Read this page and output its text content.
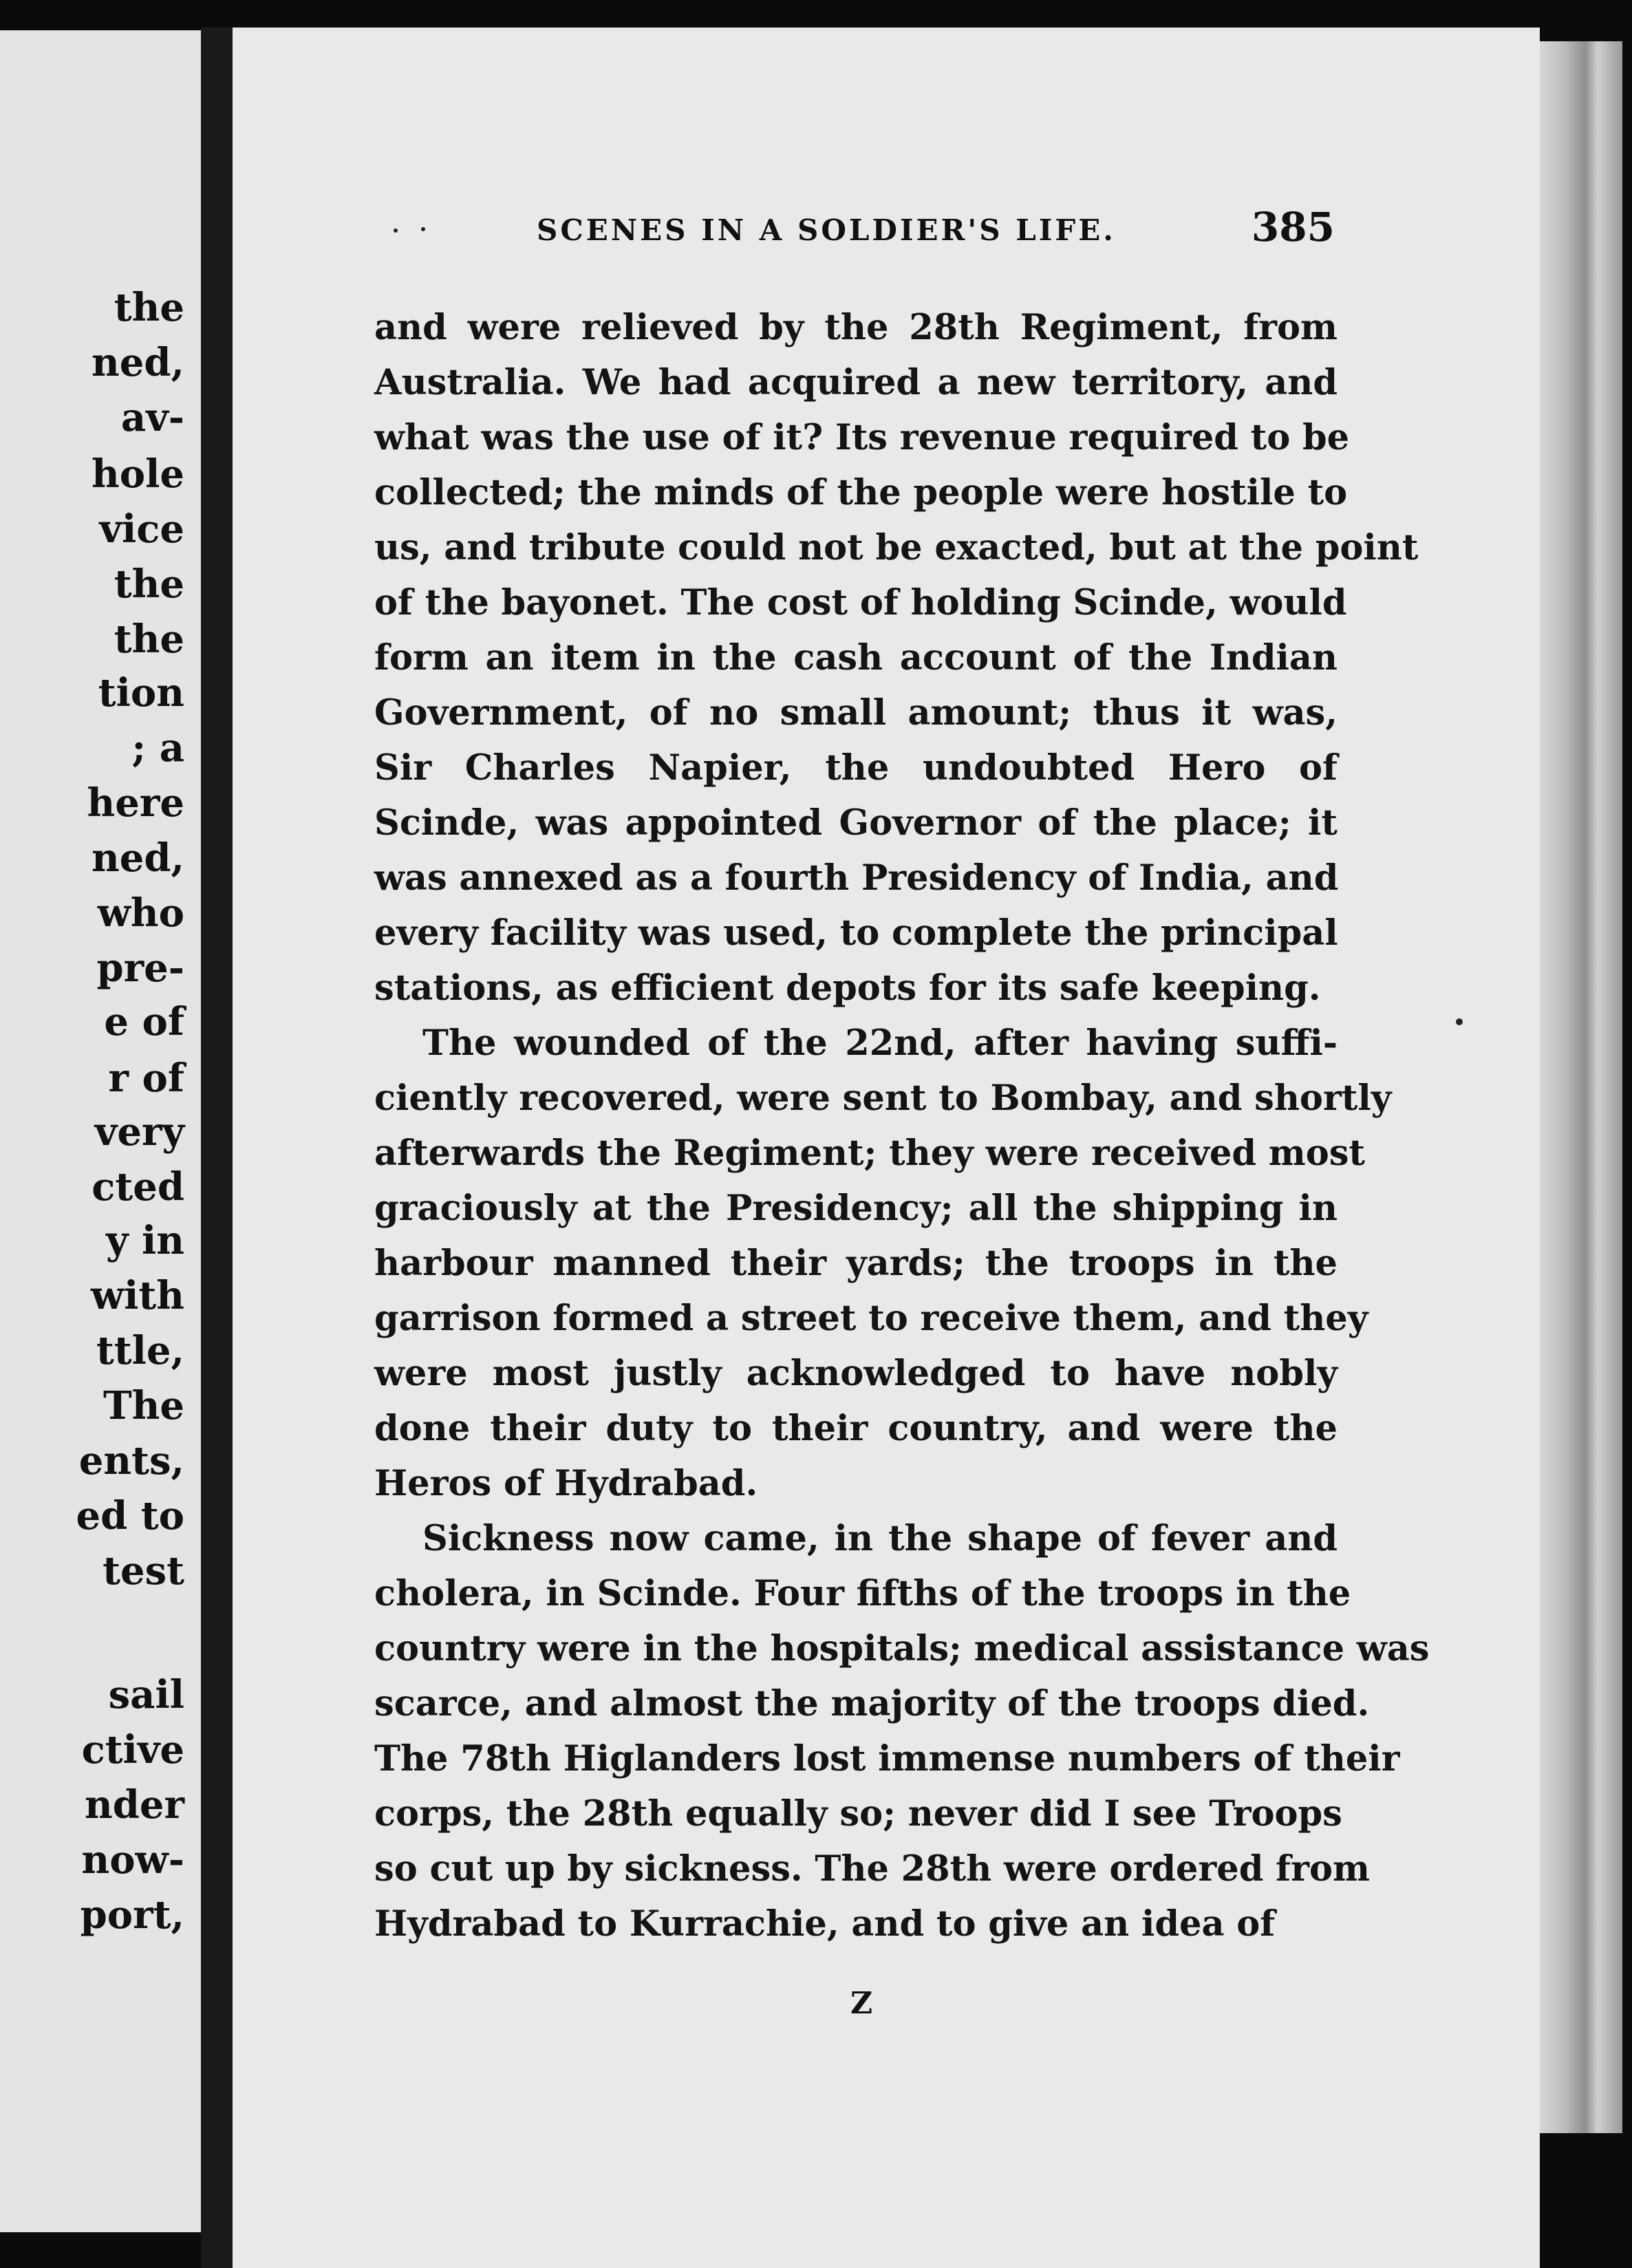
the
ned,
av-
hole
vice
the
the
tion
; a
here
ned,
who
pre-
e of
r of
very
cted
y in
with
ttle,
The
ents,
ed to
test
sail
ctive
nder
now-
port,
SCENES IN A SOLDIER'S LIFE.	385
and were relieved by the 28th Regiment, from
Australia. We had acquired a new territory, and
what was the use of it? Its revenue required to be
collected; the minds of the people were hostile to
us, and tribute could not be exacted, but at the point
of the bayonet. The cost of holding Scinde, would
form an item in the cash account of the Indian
Government, of no small amount; thus it was,
Sir Charles Napier, the undoubted Hero of
Scinde, was appointed Governor of the place; it
was annexed as a fourth Presidency of India, and
every facility was used, to complete the principal
stations, as efficient depots for its safe keeping.
The wounded of the 22nd, after having suffi-
ciently recovered, were sent to Bombay, and shortly
afterwards the Regiment; they were received most
graciously at the Presidency; all the shipping in
harbour manned their yards; the troops in the
garrison formed a street to receive them, and they
were most justly acknowledged to have nobly
done their duty to their country, and were the
Heros of Hydrabad.
Sickness now came, in the shape of fever and
cholera, in Scinde. Four fifths of the troops in the
country were in the hospitals; medical assistance was
scarce, and almost the majority of the troops died.
The 78th Higlanders lost immense numbers of their
corps, the 28th equally so; never did I see Troops
so cut up by sickness. The 28th were ordered from
Hydrabad to Kurrachie, and to give an idea of
Z
